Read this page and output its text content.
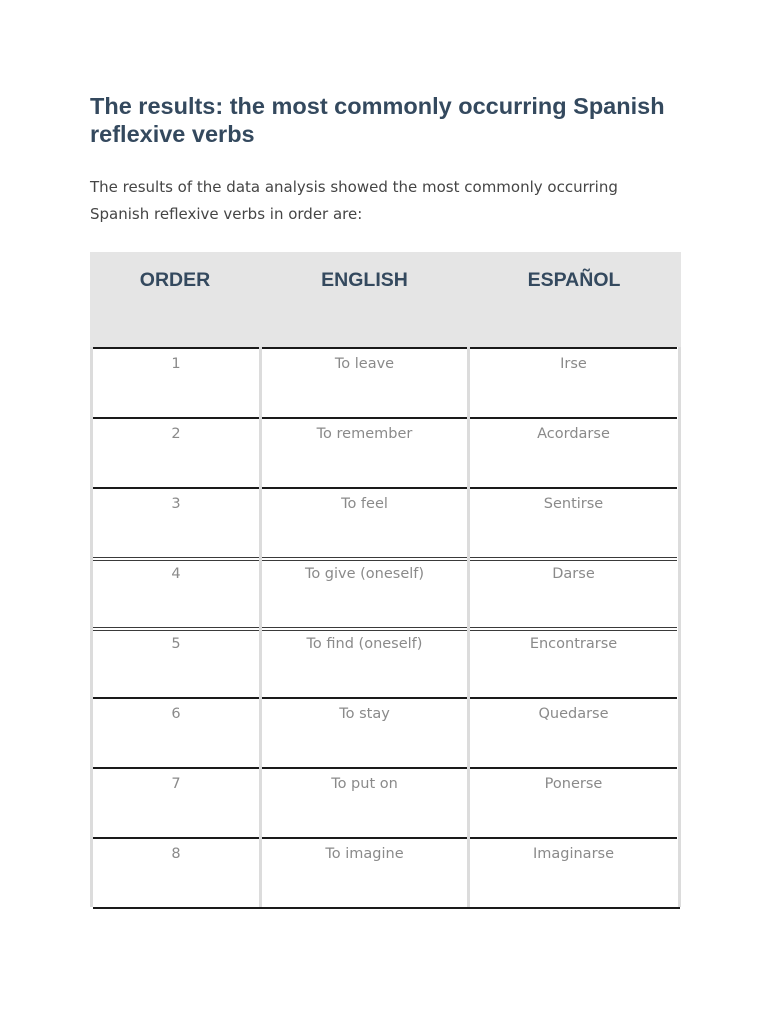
The results: the most commonly occurring Spanish reflexive verbs

The results of the data analysis showed the most commonly occurring Spanish reflexive verbs in order are:

1	To leave	Irse
2	To remember	Acordarse
3	To feel	Sentirse
4	To give (oneself)	Darse
5	To find (oneself)	Encontrarse
6	To stay	Quedarse
7	To put on	Ponerse
8	To imagine	Imaginarse
ORDER	ENGLISH	ESPAÑOL
